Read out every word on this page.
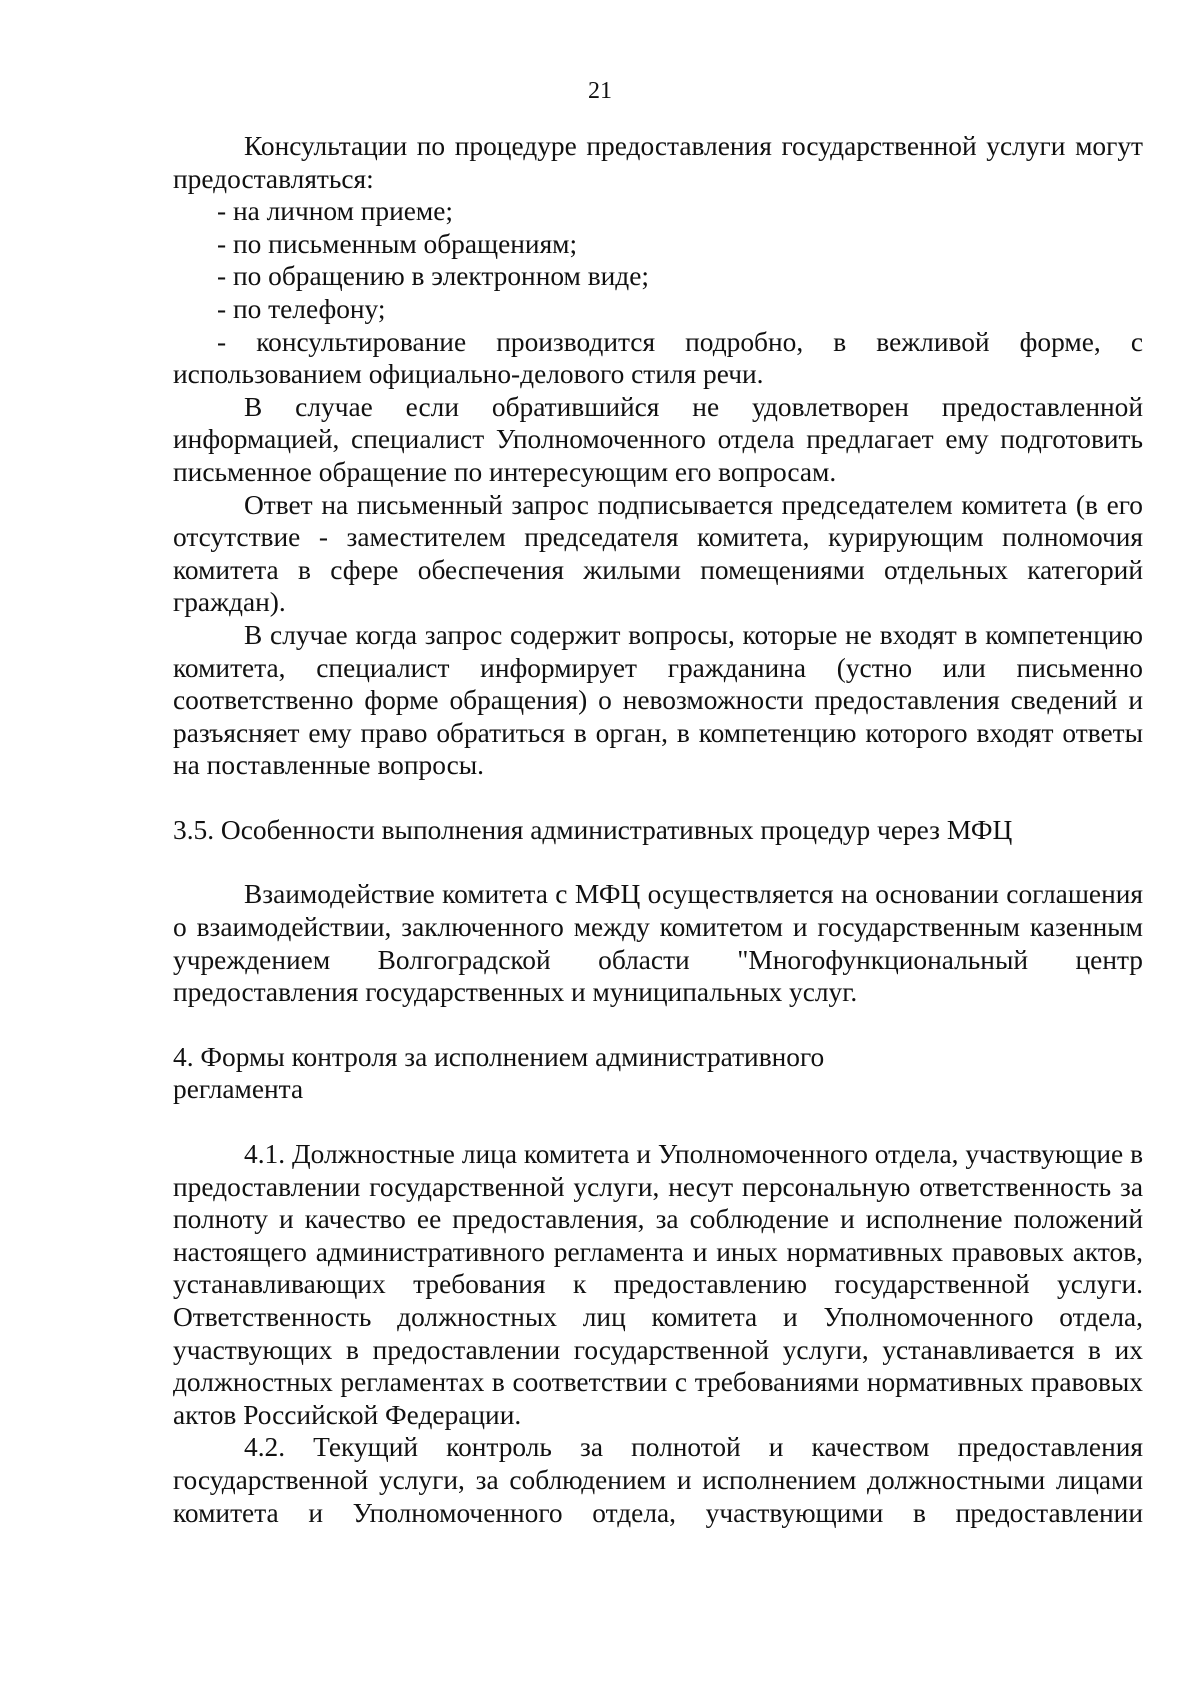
21

Консультации по процедуре предоставления государственной услуги могут предоставляться:

- на личном приеме;

- по письменным обращениям;

- по обращению в электронном виде;

- по телефону;

- консультирование производится подробно, в вежливой форме, с использованием официально-делового стиля речи.

В случае если обратившийся не удовлетворен предоставленной информацией, специалист Уполномоченного отдела предлагает ему подготовить письменное обращение по интересующим его вопросам.

Ответ на письменный запрос подписывается председателем комитета (в его отсутствие - заместителем председателя комитета, курирующим полномочия комитета в сфере обеспечения жилыми помещениями отдельных категорий граждан).

В случае когда запрос содержит вопросы, которые не входят в компетенцию комитета, специалист информирует гражданина (устно или письменно соответственно форме обращения) о невозможности предоставления сведений и разъясняет ему право обратиться в орган, в компетенцию которого входят ответы на поставленные вопросы.

3.5. Особенности выполнения административных процедур через МФЦ

Взаимодействие комитета с МФЦ осуществляется на основании соглашения о взаимодействии, заключенного между комитетом и государственным казенным учреждением Волгоградской области "Многофункциональный центр предоставления государственных и муниципальных услуг.

4. Формы контроля за исполнением административного

регламента

4.1. Должностные лица комитета и Уполномоченного отдела, участвующие в предоставлении государственной услуги, несут персональную ответственность за полноту и качество ее предоставления, за соблюдение и исполнение положений настоящего административного регламента и иных нормативных правовых актов, устанавливающих требования к предоставлению государственной услуги. Ответственность должностных лиц комитета и Уполномоченного отдела, участвующих в предоставлении государственной услуги, устанавливается в их должностных регламентах в соответствии с требованиями нормативных правовых актов Российской Федерации.

4.2. Текущий контроль за полнотой и качеством предоставления государственной услуги, за соблюдением и исполнением должностными лицами комитета и Уполномоченного отдела, участвующими в предоставлении
